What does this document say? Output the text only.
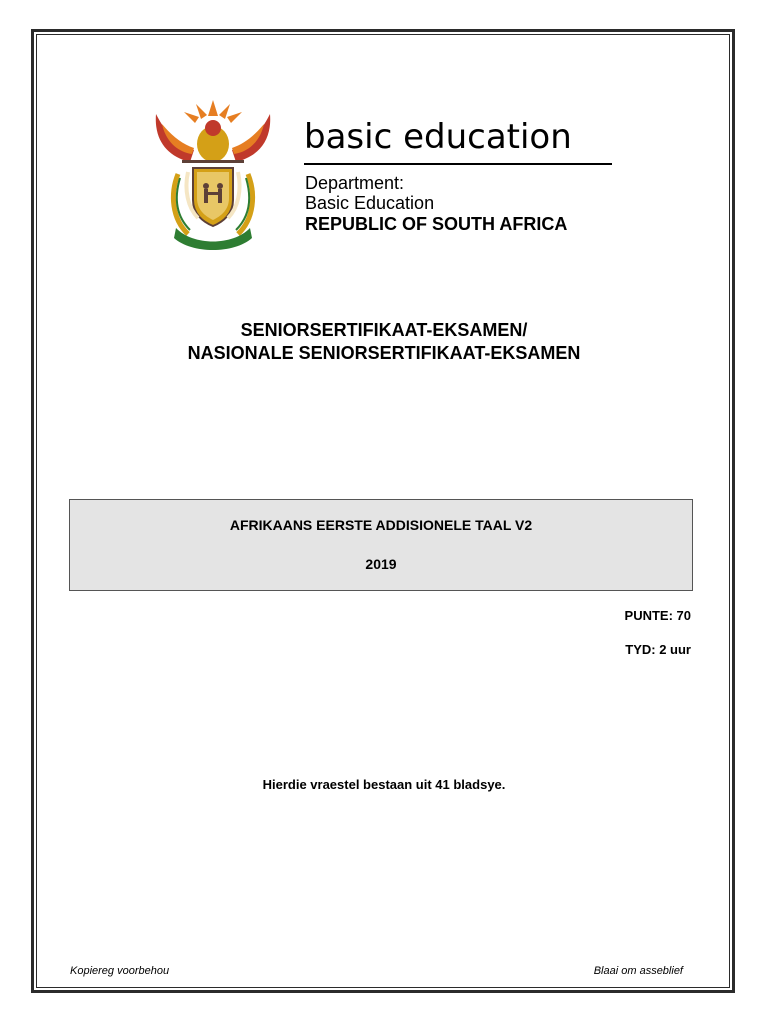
basic education
Department:
Basic Education
REPUBLIC OF SOUTH AFRICA
SENIORSERTIFIKAAT-EKSAMEN/
NASIONALE SENIORSERTIFIKAAT-EKSAMEN
AFRIKAANS EERSTE ADDISIONELE TAAL V2
2019
PUNTE: 70
TYD: 2 uur
Hierdie vraestel bestaan uit 41 bladsye.
Kopiereg voorbehou	Blaai om asseblief
